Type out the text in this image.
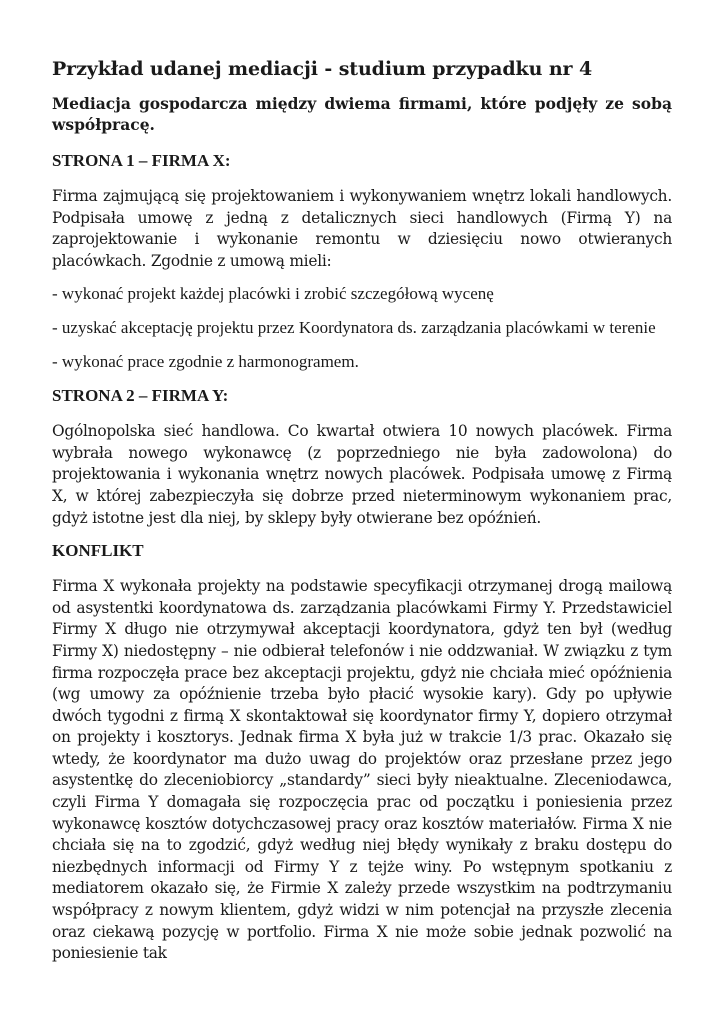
Przykład udanej mediacji - studium przypadku nr 4

Mediacja gospodarcza między dwiema firmami, które podjęły ze sobą współpracę.

STRONA 1 – FIRMA X:

Firma zajmującą się projektowaniem i wykonywaniem wnętrz lokali handlowych. Podpisała umowę z jedną z detalicznych sieci handlowych (Firmą Y) na zaprojektowanie i wykonanie remontu w dziesięciu nowo otwieranych placówkach. Zgodnie z umową mieli:

- wykonać projekt każdej placówki i zrobić szczegółową wycenę

- uzyskać akceptację projektu przez Koordynatora ds. zarządzania placówkami w terenie

- wykonać prace zgodnie z harmonogramem.

STRONA 2 – FIRMA Y:

Ogólnopolska sieć handlowa. Co kwartał otwiera 10 nowych placówek. Firma wybrała nowego wykonawcę (z poprzedniego nie była zadowolona) do projektowania i wykonania wnętrz nowych placówek. Podpisała umowę z Firmą X, w której zabezpieczyła się dobrze przed nieterminowym wykonaniem prac, gdyż istotne jest dla niej, by sklepy były otwierane bez opóźnień.

KONFLIKT

Firma X wykonała projekty na podstawie specyfikacji otrzymanej drogą mailową od asystentki koordynatowa ds. zarządzania placówkami Firmy Y. Przedstawiciel Firmy X długo nie otrzymywał akceptacji koordynatora, gdyż ten był (według Firmy X) niedostępny – nie odbierał telefonów i nie oddzwaniał. W związku z tym firma rozpoczęła prace bez akceptacji projektu, gdyż nie chciała mieć opóźnienia (wg umowy za opóźnienie trzeba było płacić wysokie kary). Gdy po upływie dwóch tygodni z firmą X skontaktował się koordynator firmy Y, dopiero otrzymał on projekty i kosztorys. Jednak firma X była już w trakcie 1/3 prac. Okazało się wtedy, że koordynator ma dużo uwag do projektów oraz przesłane przez jego asystentkę do zleceniobiorcy „standardy” sieci były nieaktualne. Zleceniodawca, czyli Firma Y domagała się rozpoczęcia prac od początku i poniesienia przez wykonawcę kosztów dotychczasowej pracy oraz kosztów materiałów. Firma X nie chciała się na to zgodzić, gdyż według niej błędy wynikały z braku dostępu do niezbędnych informacji od Firmy Y z tejże winy. Po wstępnym spotkaniu z mediatorem okazało się, że Firmie X zależy przede wszystkim na podtrzymaniu współpracy z nowym klientem, gdyż widzi w nim potencjał na przyszłe zlecenia oraz ciekawą pozycję w portfolio. Firma X nie może sobie jednak pozwolić na poniesienie tak
